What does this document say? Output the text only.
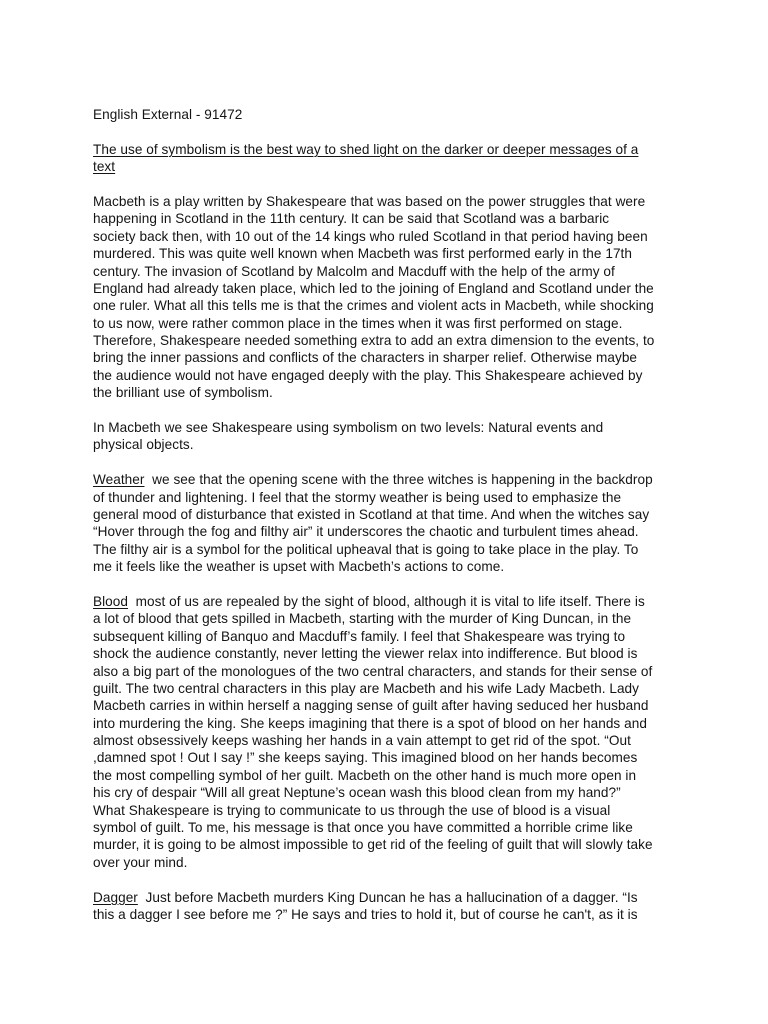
English External - 91472
The use of symbolism is the best way to shed light on the darker or deeper messages of a
text
Macbeth is a play written by Shakespeare that was based on the power struggles that were
happening in Scotland in the 11th century. It can be said that Scotland was a barbaric
society back then, with 10 out of the 14 kings who ruled Scotland in that period having been
murdered. This was quite well known when Macbeth was first performed early in the 17th
century. The invasion of Scotland by Malcolm and Macduff with the help of the army of
England had already taken place, which led to the joining of England and Scotland under the
one ruler. What all this tells me is that the crimes and violent acts in Macbeth, while shocking
to us now, were rather common place in the times when it was first performed on stage.
Therefore, Shakespeare needed something extra to add an extra dimension to the events, to
bring the inner passions and conflicts of the characters in sharper relief. Otherwise maybe
the audience would not have engaged deeply with the play. This Shakespeare achieved by
the brilliant use of symbolism.
In Macbeth we see Shakespeare using symbolism on two levels: Natural events and
physical objects.
Weather  we see that the opening scene with the three witches is happening in the backdrop
of thunder and lightening. I feel that the stormy weather is being used to emphasize the
general mood of disturbance that existed in Scotland at that time. And when the witches say
“Hover through the fog and filthy air” it underscores the chaotic and turbulent times ahead.
The filthy air is a symbol for the political upheaval that is going to take place in the play. To
me it feels like the weather is upset with Macbeth’s actions to come.
Blood  most of us are repealed by the sight of blood, although it is vital to life itself. There is
a lot of blood that gets spilled in Macbeth, starting with the murder of King Duncan, in the
subsequent killing of Banquo and Macduff’s family. I feel that Shakespeare was trying to
shock the audience constantly, never letting the viewer relax into indifference. But blood is
also a big part of the monologues of the two central characters, and stands for their sense of
guilt. The two central characters in this play are Macbeth and his wife Lady Macbeth. Lady
Macbeth carries in within herself a nagging sense of guilt after having seduced her husband
into murdering the king. She keeps imagining that there is a spot of blood on her hands and
almost obsessively keeps washing her hands in a vain attempt to get rid of the spot. “Out
,damned spot ! Out I say !” she keeps saying. This imagined blood on her hands becomes
the most compelling symbol of her guilt. Macbeth on the other hand is much more open in
his cry of despair “Will all great Neptune’s ocean wash this blood clean from my hand?”
What Shakespeare is trying to communicate to us through the use of blood is a visual
symbol of guilt. To me, his message is that once you have committed a horrible crime like
murder, it is going to be almost impossible to get rid of the feeling of guilt that will slowly take
over your mind.
Dagger  Just before Macbeth murders King Duncan he has a hallucination of a dagger. “Is
this a dagger I see before me ?” He says and tries to hold it, but of course he can't, as it is
